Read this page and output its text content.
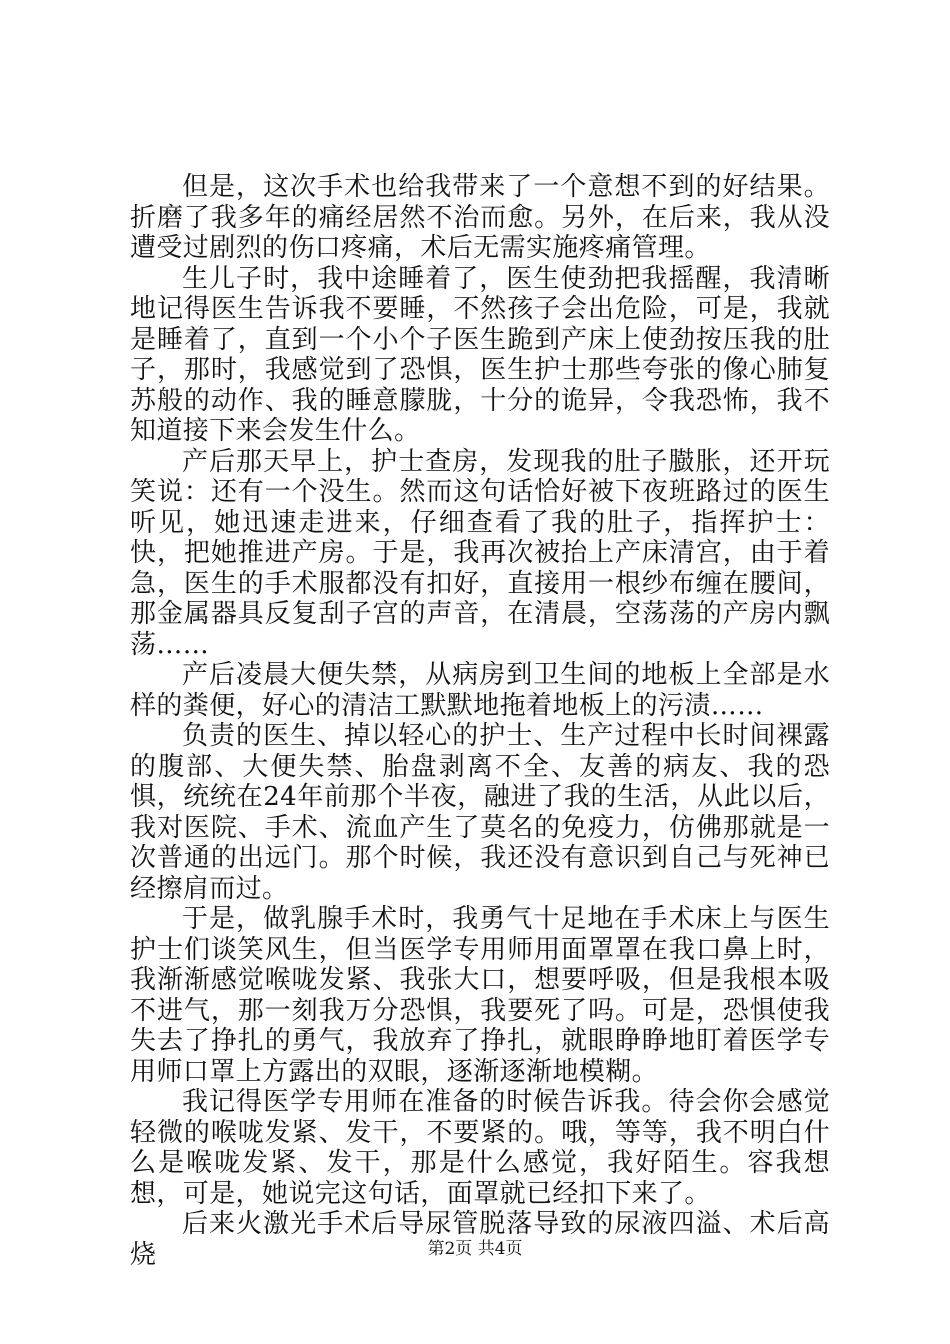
但是，这次手术也给我带来了一个意想不到的好结果。折磨了我多年的痛经居然不治而愈。另外，在后来，我从没遭受过剧烈的伤口疼痛，术后无需实施疼痛管理。

生儿子时，我中途睡着了，医生使劲把我摇醒，我清晰地记得医生告诉我不要睡，不然孩子会出危险，可是，我就是睡着了，直到一个小个子医生跪到产床上使劲按压我的肚子，那时，我感觉到了恐惧，医生护士那些夸张的像心肺复苏般的动作、我的睡意朦胧，十分的诡异，令我恐怖，我不知道接下来会发生什么。

产后那天早上，护士查房，发现我的肚子臌胀，还开玩笑说：还有一个没生。然而这句话恰好被下夜班路过的医生听见，她迅速走进来，仔细查看了我的肚子，指挥护士：快，把她推进产房。于是，我再次被抬上产床清宫，由于着急，医生的手术服都没有扣好，直接用一根纱布缠在腰间，那金属器具反复刮子宫的声音，在清晨，空荡荡的产房内飘荡……

产后凌晨大便失禁，从病房到卫生间的地板上全部是水样的粪便，好心的清洁工默默地拖着地板上的污渍……

负责的医生、掉以轻心的护士、生产过程中长时间裸露的腹部、大便失禁、胎盘剥离不全、友善的病友、我的恐惧，统统在24年前那个半夜，融进了我的生活，从此以后，我对医院、手术、流血产生了莫名的免疫力，仿佛那就是一次普通的出远门。那个时候，我还没有意识到自己与死神已经擦肩而过。

于是，做乳腺手术时，我勇气十足地在手术床上与医生护士们谈笑风生，但当医学专用师用面罩罩在我口鼻上时，我渐渐感觉喉咙发紧、我张大口，想要呼吸，但是我根本吸不进气，那一刻我万分恐惧，我要死了吗。可是，恐惧使我失去了挣扎的勇气，我放弃了挣扎，就眼睁睁地盯着医学专用师口罩上方露出的双眼，逐渐逐渐地模糊。

我记得医学专用师在准备的时候告诉我。待会你会感觉轻微的喉咙发紧、发干，不要紧的。哦，等等，我不明白什么是喉咙发紧、发干，那是什么感觉，我好陌生。容我想想，可是，她说完这句话，面罩就已经扣下来了。

后来火激光手术后导尿管脱落导致的尿液四溢、术后高烧	第2页 共4页
